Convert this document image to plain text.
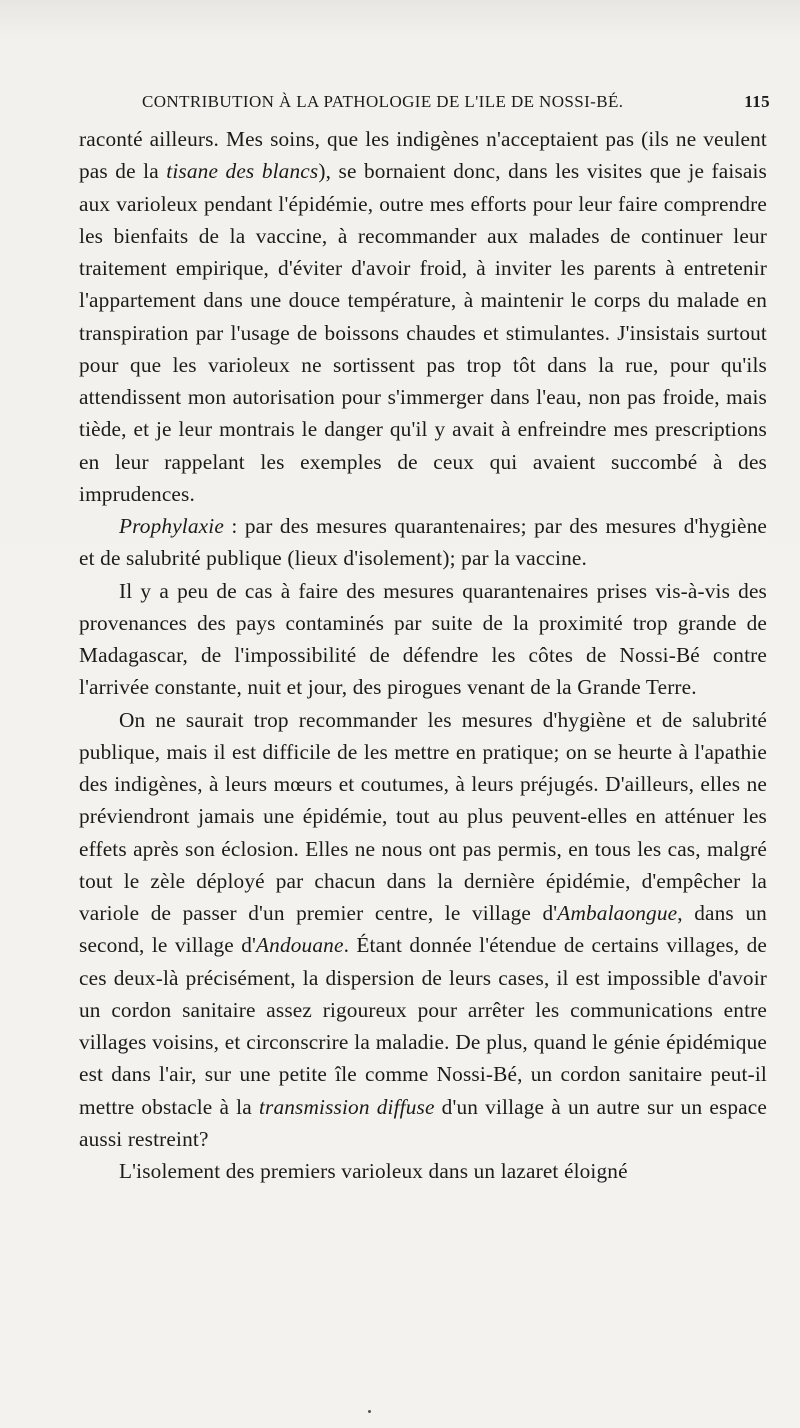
CONTRIBUTION À LA PATHOLOGIE DE L'ILE DE NOSSI-BÉ.	115

raconté ailleurs. Mes soins, que les indigènes n'acceptaient pas (ils ne veulent pas de la tisane des blancs), se bornaient donc, dans les visites que je faisais aux varioleux pendant l'épidémie, outre mes efforts pour leur faire comprendre les bienfaits de la vaccine, à recommander aux malades de continuer leur traitement empirique, d'éviter d'avoir froid, à inviter les parents à entretenir l'appartement dans une douce température, à maintenir le corps du malade en transpiration par l'usage de boissons chaudes et stimulantes. J'insistais surtout pour que les varioleux ne sortissent pas trop tôt dans la rue, pour qu'ils attendissent mon autorisation pour s'immerger dans l'eau, non pas froide, mais tiède, et je leur montrais le danger qu'il y avait à enfreindre mes prescriptions en leur rappelant les exemples de ceux qui avaient succombé à des imprudences.

Prophylaxie : par des mesures quarantenaires; par des mesures d'hygiène et de salubrité publique (lieux d'isolement); par la vaccine.

Il y a peu de cas à faire des mesures quarantenaires prises vis-à-vis des provenances des pays contaminés par suite de la proximité trop grande de Madagascar, de l'impossibilité de défendre les côtes de Nossi-Bé contre l'arrivée constante, nuit et jour, des pirogues venant de la Grande Terre.

On ne saurait trop recommander les mesures d'hygiène et de salubrité publique, mais il est difficile de les mettre en pratique; on se heurte à l'apathie des indigènes, à leurs mœurs et coutumes, à leurs préjugés. D'ailleurs, elles ne préviendront jamais une épidémie, tout au plus peuvent-elles en atténuer les effets après son éclosion. Elles ne nous ont pas permis, en tous les cas, malgré tout le zèle déployé par chacun dans la dernière épidémie, d'empêcher la variole de passer d'un premier centre, le village d'Ambalaongue, dans un second, le village d'Andouane. Étant donnée l'étendue de certains villages, de ces deux-là précisément, la dispersion de leurs cases, il est impossible d'avoir un cordon sanitaire assez rigoureux pour arrêter les communications entre villages voisins, et circonscrire la maladie. De plus, quand le génie épidémique est dans l'air, sur une petite île comme Nossi-Bé, un cordon sanitaire peut-il mettre obstacle à la transmission diffuse d'un village à un autre sur un espace aussi restreint?

L'isolement des premiers varioleux dans un lazaret éloigné
